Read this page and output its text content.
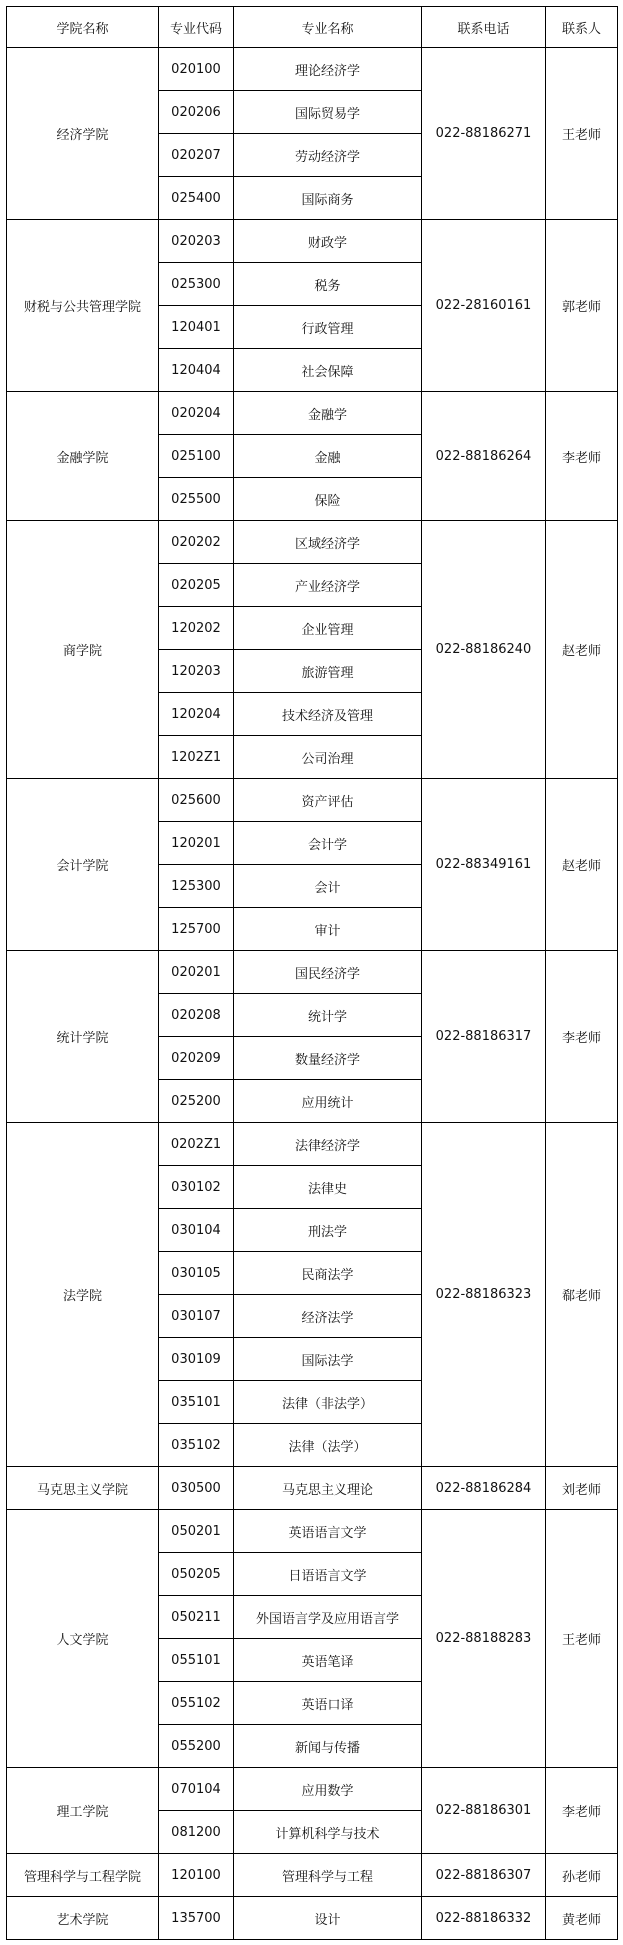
学院名称	专业代码	专业名称	联系电话	联系人
经济学院	020100	理论经济学	022-88186271	王老师
	020206	国际贸易学		
	020207	劳动经济学		
	025400	国际商务		
财税与公共管理学院	020203	财政学	022-28160161	郭老师
	025300	税务		
	120401	行政管理		
	120404	社会保障		
金融学院	020204	金融学	022-88186264	李老师
	025100	金融		
	025500	保险		
商学院	020202	区域经济学	022-88186240	赵老师
	020205	产业经济学		
	120202	企业管理		
	120203	旅游管理		
	120204	技术经济及管理		
	1202Z1	公司治理		
会计学院	025600	资产评估	022-88349161	赵老师
	120201	会计学		
	125300	会计		
	125700	审计		
统计学院	020201	国民经济学	022-88186317	李老师
	020208	统计学		
	020209	数量经济学		
	025200	应用统计		
法学院	0202Z1	法律经济学	022-88186323	郗老师
	030102	法律史		
	030104	刑法学		
	030105	民商法学		
	030107	经济法学		
	030109	国际法学		
	035101	法律（非法学）		
	035102	法律（法学）		
马克思主义学院	030500	马克思主义理论	022-88186284	刘老师
人文学院	050201	英语语言文学	022-88188283	王老师
	050205	日语语言文学		
	050211	外国语言学及应用语言学		
	055101	英语笔译		
	055102	英语口译		
	055200	新闻与传播		
理工学院	070104	应用数学	022-88186301	李老师
	081200	计算机科学与技术		
管理科学与工程学院	120100	管理科学与工程	022-88186307	孙老师
艺术学院	135700	设计	022-88186332	黄老师
